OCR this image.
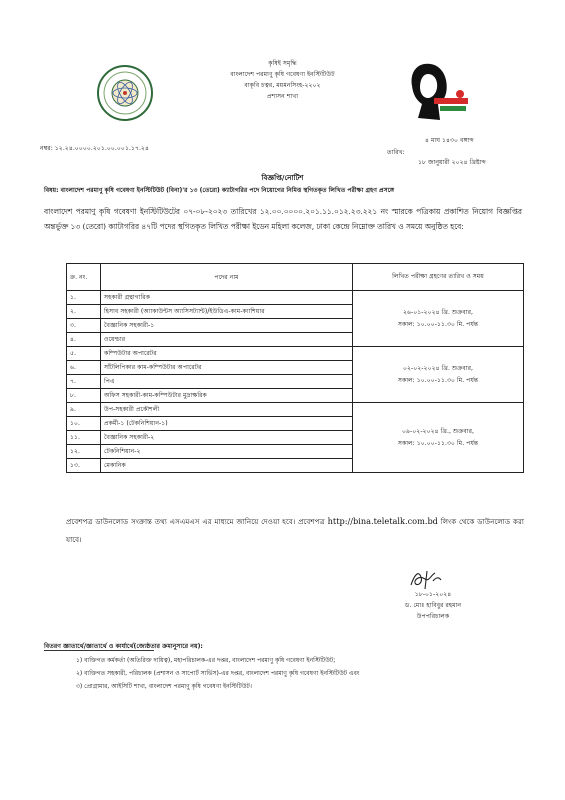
কৃষিই সমৃদ্ধি
বাংলাদেশ পরমাণু কৃষি গবেষণা ইনস্টিটিউট
বাকৃবি চত্বর, ময়মনসিংহ-২২০২
প্রশাসন শাখা
নম্বর: ১২.২৪.০০০০.২০১.০০.০০১.১৭.২৪
৪ মাঘ ১৪৩০ বঙ্গাব্দ
তারিখ:
১৮ জানুয়ারী ২০২৪ খ্রিষ্টাব্দ
বিজ্ঞপ্তি/নোটিশ
বিষয়: বাংলাদেশ পরমাণু কৃষি গবেষণা ইনস্টিটিউট (বিনা)'র ১৩ (তেরো) ক্যাটাগরির পদে নিয়োগের নিমিত্ত স্থগিতকৃত লিখিত পরীক্ষা গ্রহণ প্রসঙ্গে
বাংলাদেশ পরমাণু কৃষি গবেষণা ইনস্টিটিউটের ০৭-০৮-২০২৩ তারিখের ১২.০০.০০০০.২০১.১১.০১২.২৩.২২১ নং স্মারকে পত্রিকায় প্রকাশিত নিয়োগ বিজ্ঞপ্তির অন্তর্ভুক্ত ১৩ (তেরো) ক্যাটাগরির ৪৭টি পদের স্থগিতকৃত লিখিত পরীক্ষা ইডেন মহিলা কলেজ, ঢাকা কেন্দ্রে নিম্নোক্ত তারিখ ও সময়ে অনুষ্ঠিত হবে:
ক্র. নং.	পদের নাম	লিখিত পরীক্ষা গ্রহণের তারিখ ও সময়
১.	সহকারী গ্রন্থাগারিক	২৬-০১-২০২৪ খ্রি. শুক্রবার,
সকাল: ১০.০০-১১.৩০ মি. পর্যন্ত
২.	হিসাব সহকারী (অ্যাকাউন্টস অ্যাসিসট্যান্ট)/ইউডিএ-কাম-ক্যাশিয়ার	
৩.	বৈজ্ঞানিক সহকারী-১	
৪.	ওয়েল্ডার	
৫.	কম্পিউটার অপারেটর	০২-০২-২০২৪ খ্রি. শুক্রবার,
সকাল: ১০.০০-১১.৩০ মি. পর্যন্ত
৬.	সাঁটলিপিকার কাম-কম্পিউটার অপারেটর	
৭.	পিএ	
৮.	অফিস সহকারী-কাম-কম্পিউটার মুদ্রাক্ষরিক	
৯.	উপ-সহকারী প্রকৌশলী	০৯-০২-২০২৪ খ্রি., শুক্রবার,
সকাল: ১০.০০-১১.৩০ মি. পর্যন্ত
১০.	প্রকর্মী-১ (টেকনিশিয়ান-১)	
১১.	বৈজ্ঞানিক সহকারী-২	
১২.	টেকনিশিয়ান-২	
১৩.	মেকানিক	
প্রবেশপত্র ডাউনলোড সংক্রান্ত তথ্য এসএমএস এর মাধ্যমে জানিয়ে দেওয়া হবে। প্রবেশপত্র http://bina.teletalk.com.bd লিংক থেকে ডাউনলোড করা যাবে।
১৮-০১-২০২৪
ড. মোঃ হাবিবুর রহমান
উপপরিচালক
বিতরণ জ্ঞাতার্থে/জ্ঞাতার্থে ও কার্যার্থে(জ্যেষ্ঠতার ক্রমানুসারে নয়):
১) ব্যক্তিগত কর্মকর্তা (অতিরিক্ত দায়িত্ব), মহাপরিচালক-এর দপ্তর, বাংলাদেশ পরমাণু কৃষি গবেষণা ইনস্টিটিউট;
২) ব্যক্তিগত সহকারী, পরিচালক (প্রশাসন ও সাপোর্ট সার্ভিস)-এর দপ্তর, বাংলাদেশ পরমাণু কৃষি গবেষণা ইনস্টিটিউট এবং
৩) প্রোগ্রামার, আইসিটি শাখা, বাংলাদেশ পরমাণু কৃষি গবেষণা ইনস্টিটিউট।
